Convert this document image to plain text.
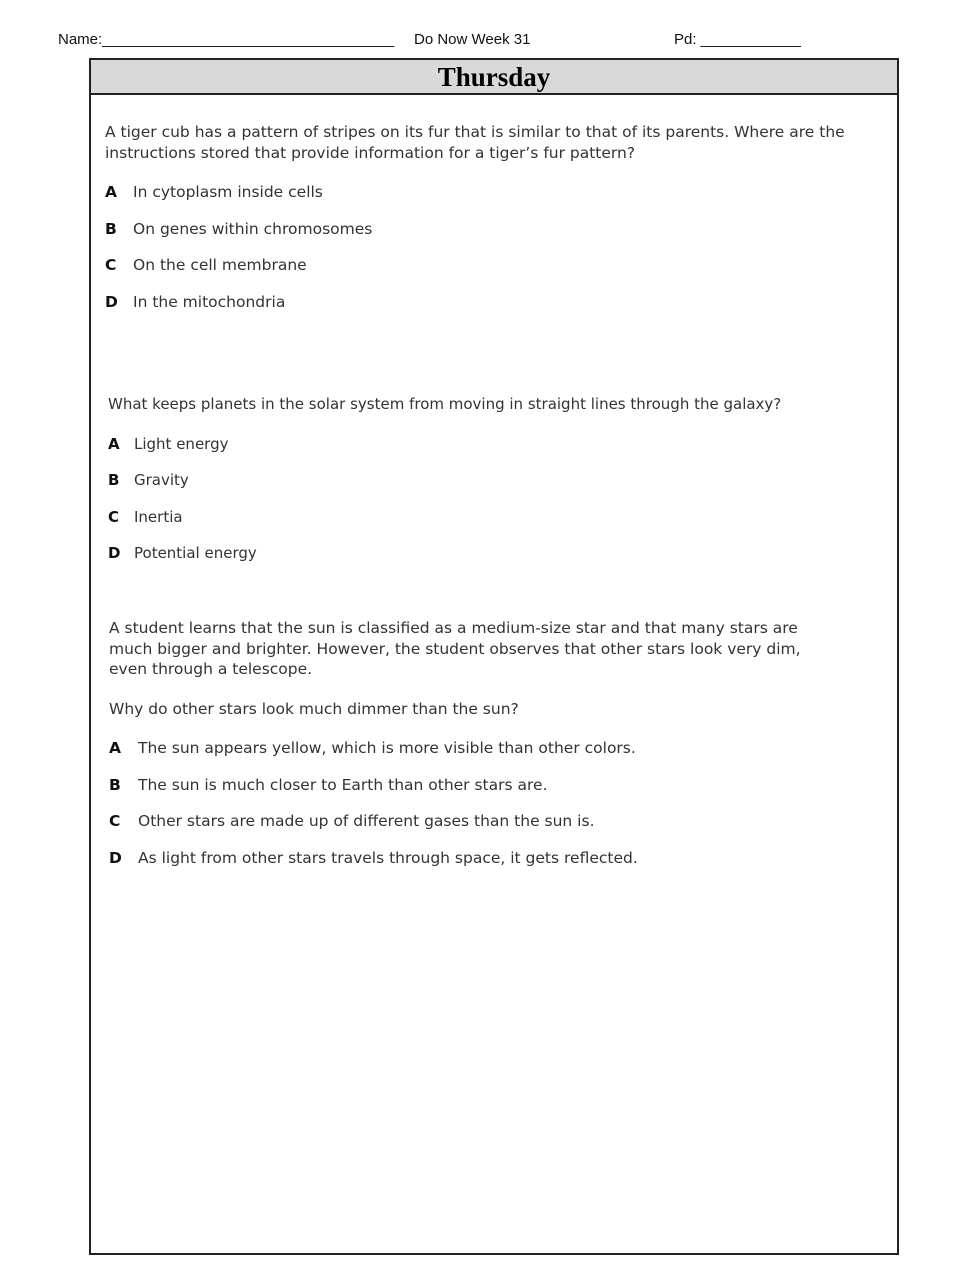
Name:___________________________________ Do Now Week 31	Pd: ____________
Thursday

A tiger cub has a pattern of stripes on its fur that is similar to that of its parents. Where are the instructions stored that provide information for a tiger’s fur pattern?

A In cytoplasm inside cells
B On genes within chromosomes
C On the cell membrane
D In the mitochondria

What keeps planets in the solar system from moving in straight lines through the galaxy?

A Light energy
B Gravity
C Inertia
D Potential energy

A student learns that the sun is classified as a medium-size star and that many stars are much bigger and brighter. However, the student observes that other stars look very dim, even through a telescope.

Why do other stars look much dimmer than the sun?

A The sun appears yellow, which is more visible than other colors.
B The sun is much closer to Earth than other stars are.
C Other stars are made up of different gases than the sun is.
D As light from other stars travels through space, it gets reflected.
